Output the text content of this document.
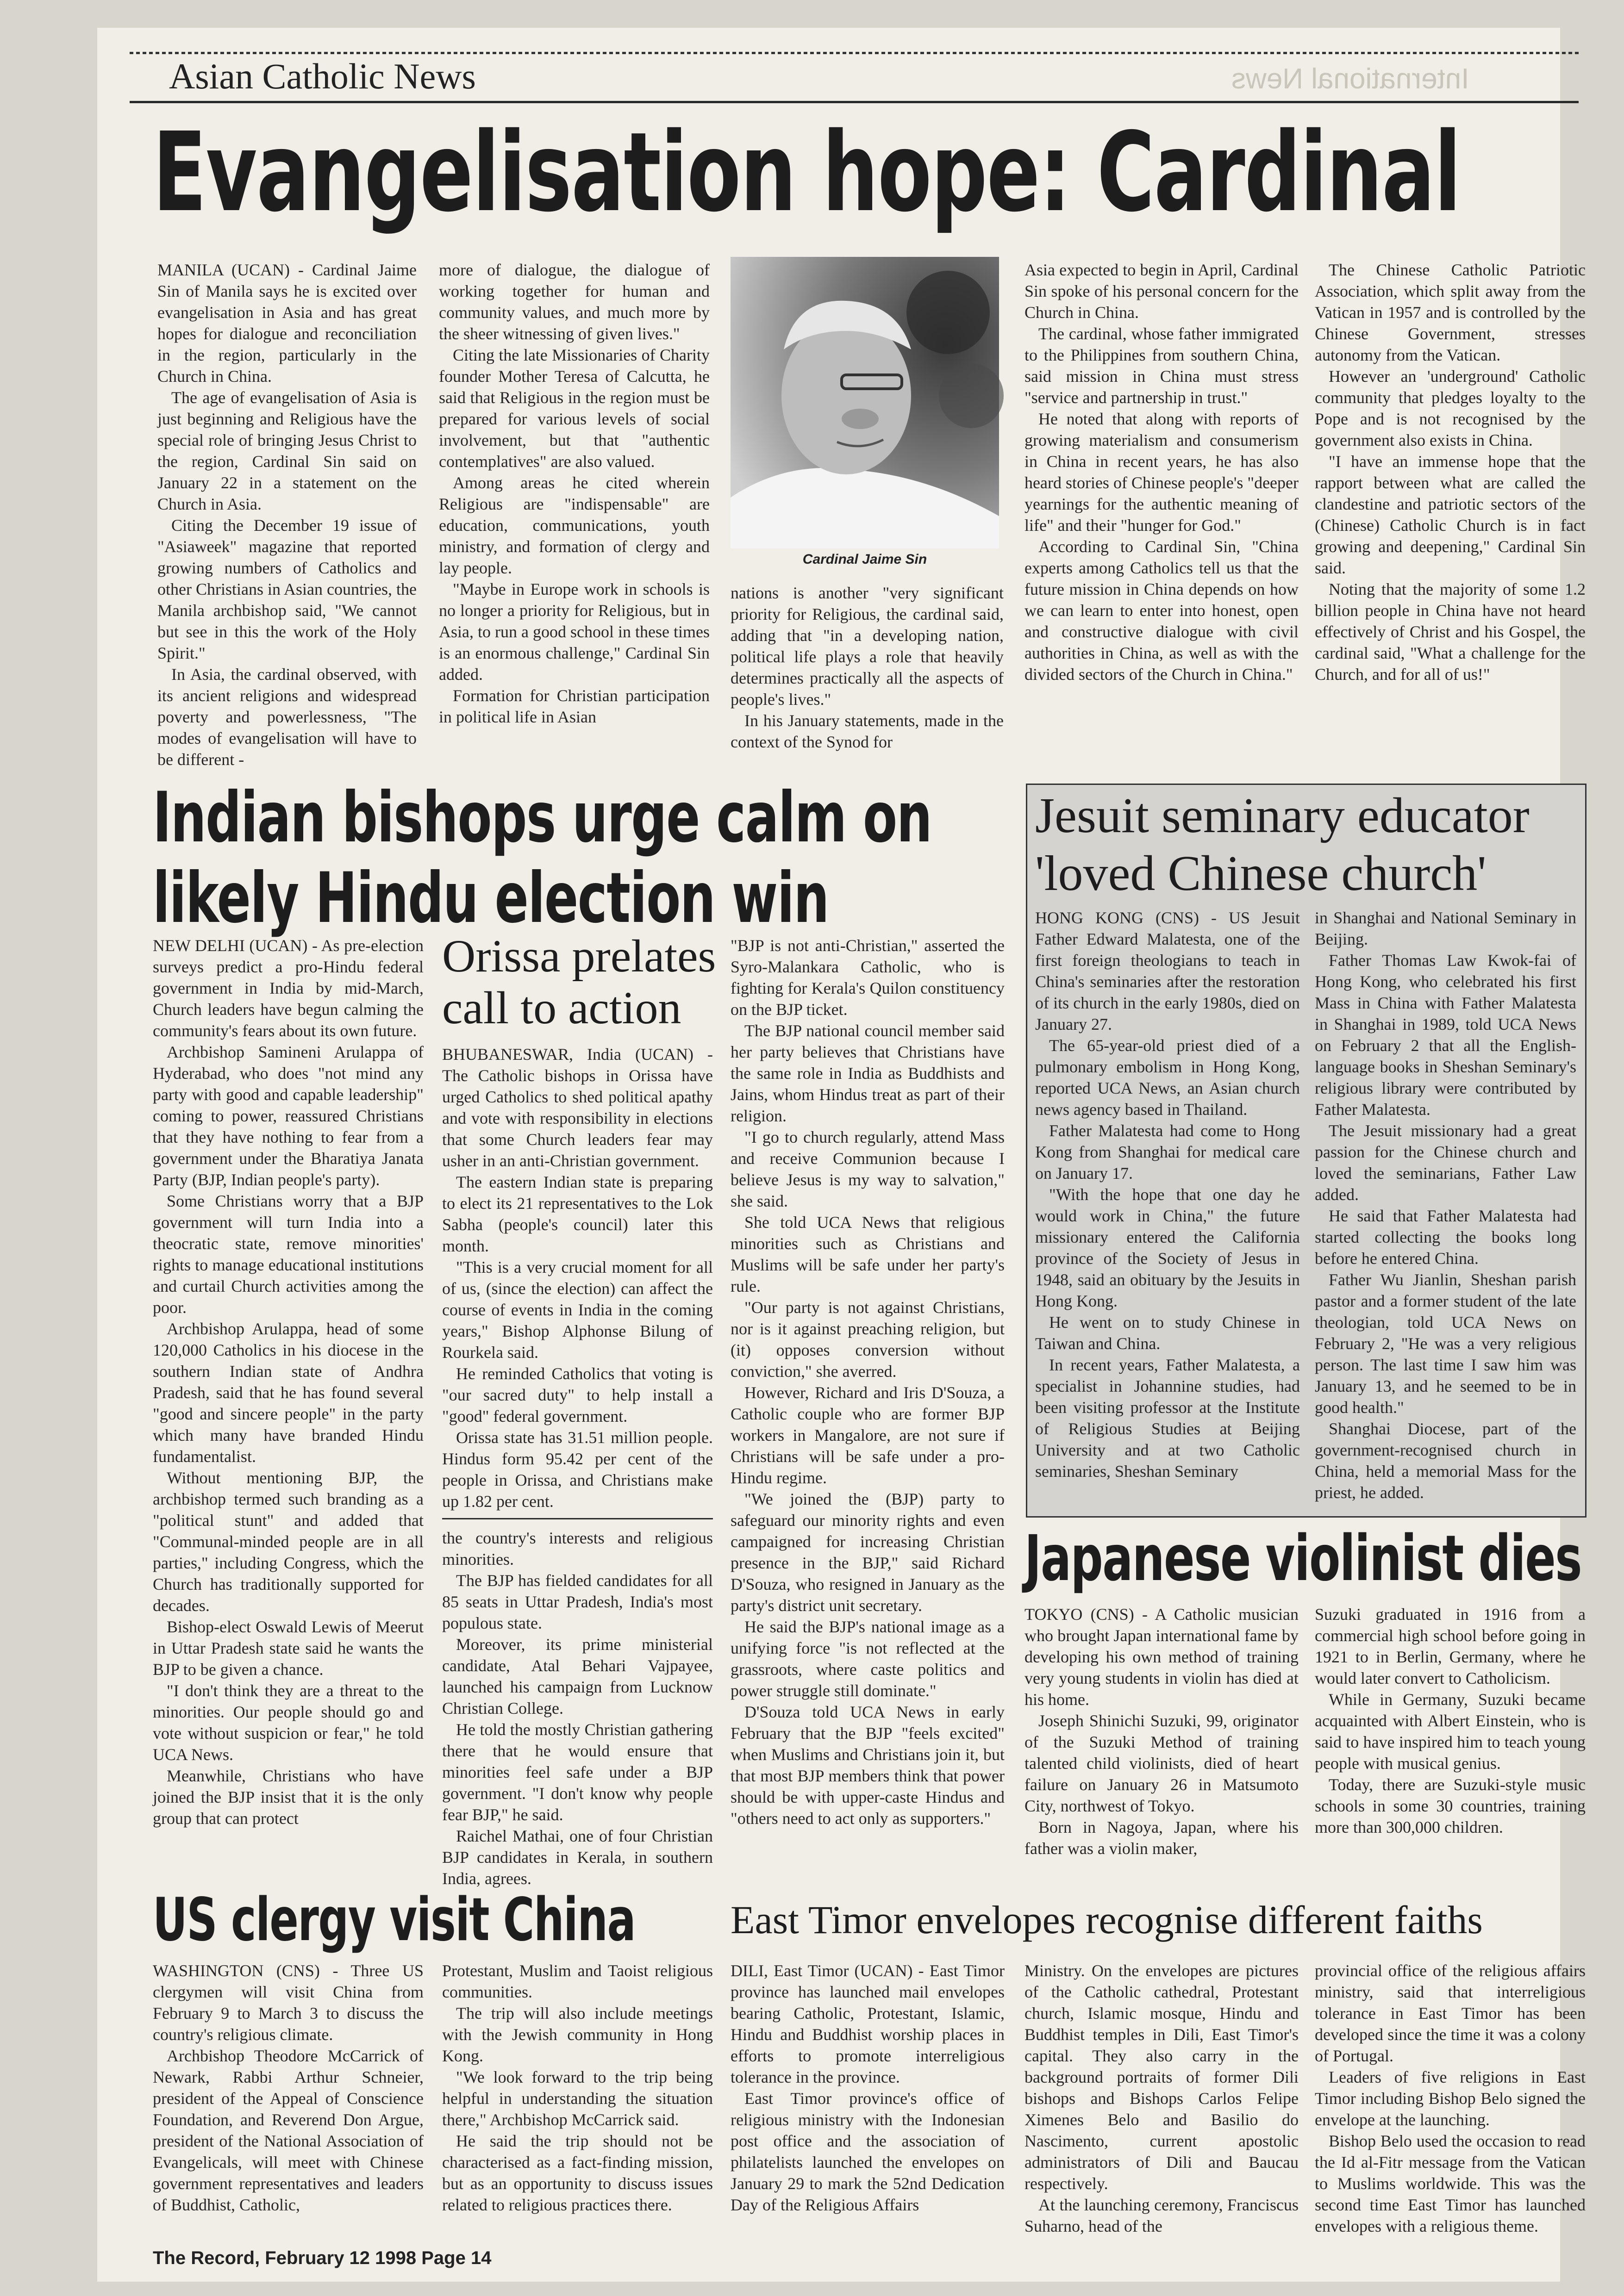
Asian Catholic News	International News
Evangelisation hope: Cardinal

MANILA (UCAN) - Cardinal Jaime Sin of Manila says he is excited over evangelisation in Asia and has great hopes for dialogue and reconciliation in the region, particularly in the Church in China.

The age of evangelisation of Asia is just beginning and Religious have the special role of bringing Jesus Christ to the region, Cardinal Sin said on January 22 in a statement on the Church in Asia.

Citing the December 19 issue of "Asiaweek" magazine that reported growing numbers of Catholics and other Christians in Asian countries, the Manila archbishop said, "We cannot but see in this the work of the Holy Spirit."

In Asia, the cardinal observed, with its ancient religions and widespread poverty and powerlessness, "The modes of evangelisation will have to be different -

more of dialogue, the dialogue of working together for human and community values, and much more by the sheer witnessing of given lives."

Citing the late Missionaries of Charity founder Mother Teresa of Calcutta, he said that Religious in the region must be prepared for various levels of social involvement, but that "authentic contemplatives" are also valued.

Among areas he cited wherein Religious are "indispensable" are education, communications, youth ministry, and formation of clergy and lay people.

"Maybe in Europe work in schools is no longer a priority for Religious, but in Asia, to run a good school in these times is an enormous challenge," Cardinal Sin added.

Formation for Christian participation in political life in Asian

Cardinal Jaime Sin

nations is another "very significant priority for Religious, the cardinal said, adding that "in a developing nation, political life plays a role that heavily determines practically all the aspects of people's lives."

In his January statements, made in the context of the Synod for

Asia expected to begin in April, Cardinal Sin spoke of his personal concern for the Church in China.

The cardinal, whose father immigrated to the Philippines from southern China, said mission in China must stress "service and partnership in trust."

He noted that along with reports of growing materialism and consumerism in China in recent years, he has also heard stories of Chinese people's "deeper yearnings for the authentic meaning of life" and their "hunger for God."

According to Cardinal Sin, "China experts among Catholics tell us that the future mission in China depends on how we can learn to enter into honest, open and constructive dialogue with civil authorities in China, as well as with the divided sectors of the Church in China."

The Chinese Catholic Patriotic Association, which split away from the Vatican in 1957 and is controlled by the Chinese Government, stresses autonomy from the Vatican.

However an 'underground' Catholic community that pledges loyalty to the Pope and is not recognised by the government also exists in China.

"I have an immense hope that the rapport between what are called the clandestine and patriotic sectors of the (Chinese) Catholic Church is in fact growing and deepening," Cardinal Sin said.

Noting that the majority of some 1.2 billion people in China have not heard effectively of Christ and his Gospel, the cardinal said, "What a challenge for the Church, and for all of us!"

Indian bishops urge calm on
likely Hindu election win

NEW DELHI (UCAN) - As pre-election surveys predict a pro-Hindu federal government in India by mid-March, Church leaders have begun calming the community's fears about its own future.

Archbishop Samineni Arulappa of Hyderabad, who does "not mind any party with good and capable leadership" coming to power, reassured Christians that they have nothing to fear from a government under the Bharatiya Janata Party (BJP, Indian people's party).

Some Christians worry that a BJP government will turn India into a theocratic state, remove minorities' rights to manage educational institutions and curtail Church activities among the poor.

Archbishop Arulappa, head of some 120,000 Catholics in his diocese in the southern Indian state of Andhra Pradesh, said that he has found several "good and sincere people" in the party which many have branded Hindu fundamentalist.

Without mentioning BJP, the archbishop termed such branding as a "political stunt" and added that "Communal-minded people are in all parties," including Congress, which the Church has traditionally supported for decades.

Bishop-elect Oswald Lewis of Meerut in Uttar Pradesh state said he wants the BJP to be given a chance.

"I don't think they are a threat to the minorities. Our people should go and vote without suspicion or fear," he told UCA News.

Meanwhile, Christians who have joined the BJP insist that it is the only group that can protect

Orissa prelates
call to action

BHUBANESWAR, India (UCAN) - The Catholic bishops in Orissa have urged Catholics to shed political apathy and vote with responsibility in elections that some Church leaders fear may usher in an anti-Christian government.

The eastern Indian state is preparing to elect its 21 representatives to the Lok Sabha (people's council) later this month.

"This is a very crucial moment for all of us, (since the election) can affect the course of events in India in the coming years," Bishop Alphonse Bilung of Rourkela said.

He reminded Catholics that voting is "our sacred duty" to help install a "good" federal government.

Orissa state has 31.51 million people. Hindus form 95.42 per cent of the people in Orissa, and Christians make up 1.82 per cent.

the country's interests and religious minorities.

The BJP has fielded candidates for all 85 seats in Uttar Pradesh, India's most populous state.

Moreover, its prime ministerial candidate, Atal Behari Vajpayee, launched his campaign from Lucknow Christian College.

He told the mostly Christian gathering there that he would ensure that minorities feel safe under a BJP government. "I don't know why people fear BJP," he said.

Raichel Mathai, one of four Christian BJP candidates in Kerala, in southern India, agrees.

"BJP is not anti-Christian," asserted the Syro-Malankara Catholic, who is fighting for Kerala's Quilon constituency on the BJP ticket.

The BJP national council member said her party believes that Christians have the same role in India as Buddhists and Jains, whom Hindus treat as part of their religion.

"I go to church regularly, attend Mass and receive Communion because I believe Jesus is my way to salvation," she said.

She told UCA News that religious minorities such as Christians and Muslims will be safe under her party's rule.

"Our party is not against Christians, nor is it against preaching religion, but (it) opposes conversion without conviction," she averred.

However, Richard and Iris D'Souza, a Catholic couple who are former BJP workers in Mangalore, are not sure if Christians will be safe under a pro-Hindu regime.

"We joined the (BJP) party to safeguard our minority rights and even campaigned for increasing Christian presence in the BJP," said Richard D'Souza, who resigned in January as the party's district unit secretary.

He said the BJP's national image as a unifying force "is not reflected at the grassroots, where caste politics and power struggle still dominate."

D'Souza told UCA News in early February that the BJP "feels excited" when Muslims and Christians join it, but that most BJP members think that power should be with upper-caste Hindus and "others need to act only as supporters."

Jesuit seminary educator
'loved Chinese church'

HONG KONG (CNS) - US Jesuit Father Edward Malatesta, one of the first foreign theologians to teach in China's seminaries after the restoration of its church in the early 1980s, died on January 27.

The 65-year-old priest died of a pulmonary embolism in Hong Kong, reported UCA News, an Asian church news agency based in Thailand.

Father Malatesta had come to Hong Kong from Shanghai for medical care on January 17.

"With the hope that one day he would work in China," the future missionary entered the California province of the Society of Jesus in 1948, said an obituary by the Jesuits in Hong Kong.

He went on to study Chinese in Taiwan and China.

In recent years, Father Malatesta, a specialist in Johannine studies, had been visiting professor at the Institute of Religious Studies at Beijing University and at two Catholic seminaries, Sheshan Seminary

in Shanghai and National Seminary in Beijing.

Father Thomas Law Kwok-fai of Hong Kong, who celebrated his first Mass in China with Father Malatesta in Shanghai in 1989, told UCA News on February 2 that all the English-language books in Sheshan Seminary's religious library were contributed by Father Malatesta.

The Jesuit missionary had a great passion for the Chinese church and loved the seminarians, Father Law added.

He said that Father Malatesta had started collecting the books long before he entered China.

Father Wu Jianlin, Sheshan parish pastor and a former student of the late theologian, told UCA News on February 2, "He was a very religious person. The last time I saw him was January 13, and he seemed to be in good health."

Shanghai Diocese, part of the government-recognised church in China, held a memorial Mass for the priest, he added.

Japanese violinist dies

TOKYO (CNS) - A Catholic musician who brought Japan international fame by developing his own method of training very young students in violin has died at his home.

Joseph Shinichi Suzuki, 99, originator of the Suzuki Method of training talented child violinists, died of heart failure on January 26 in Matsumoto City, northwest of Tokyo.

Born in Nagoya, Japan, where his father was a violin maker,

Suzuki graduated in 1916 from a commercial high school before going in 1921 to in Berlin, Germany, where he would later convert to Catholicism.

While in Germany, Suzuki became acquainted with Albert Einstein, who is said to have inspired him to teach young people with musical genius.

Today, there are Suzuki-style music schools in some 30 countries, training more than 300,000 children.

US clergy visit China

WASHINGTON (CNS) - Three US clergymen will visit China from February 9 to March 3 to discuss the country's religious climate.

Archbishop Theodore McCarrick of Newark, Rabbi Arthur Schneier, president of the Appeal of Conscience Foundation, and Reverend Don Argue, president of the National Association of Evangelicals, will meet with Chinese government representatives and leaders of Buddhist, Catholic,

Protestant, Muslim and Taoist religious communities.

The trip will also include meetings with the Jewish community in Hong Kong.

"We look forward to the trip being helpful in understanding the situation there," Archbishop McCarrick said.

He said the trip should not be characterised as a fact-finding mission, but as an opportunity to discuss issues related to religious practices there.

East Timor envelopes recognise different faiths

DILI, East Timor (UCAN) - East Timor province has launched mail envelopes bearing Catholic, Protestant, Islamic, Hindu and Buddhist worship places in efforts to promote interreligious tolerance in the province.

East Timor province's office of religious ministry with the Indonesian post office and the association of philatelists launched the envelopes on January 29 to mark the 52nd Dedication Day of the Religious Affairs

Ministry. On the envelopes are pictures of the Catholic cathedral, Protestant church, Islamic mosque, Hindu and Buddhist temples in Dili, East Timor's capital. They also carry in the background portraits of former Dili bishops and Bishops Carlos Felipe Ximenes Belo and Basilio do Nascimento, current apostolic administrators of Dili and Baucau respectively.

At the launching ceremony, Franciscus Suharno, head of the

provincial office of the religious affairs ministry, said that interreligious tolerance in East Timor has been developed since the time it was a colony of Portugal.

Leaders of five religions in East Timor including Bishop Belo signed the envelope at the launching.

Bishop Belo used the occasion to read the Id al-Fitr message from the Vatican to Muslims worldwide. This was the second time East Timor has launched envelopes with a religious theme.

The Record, February 12 1998 Page 14
